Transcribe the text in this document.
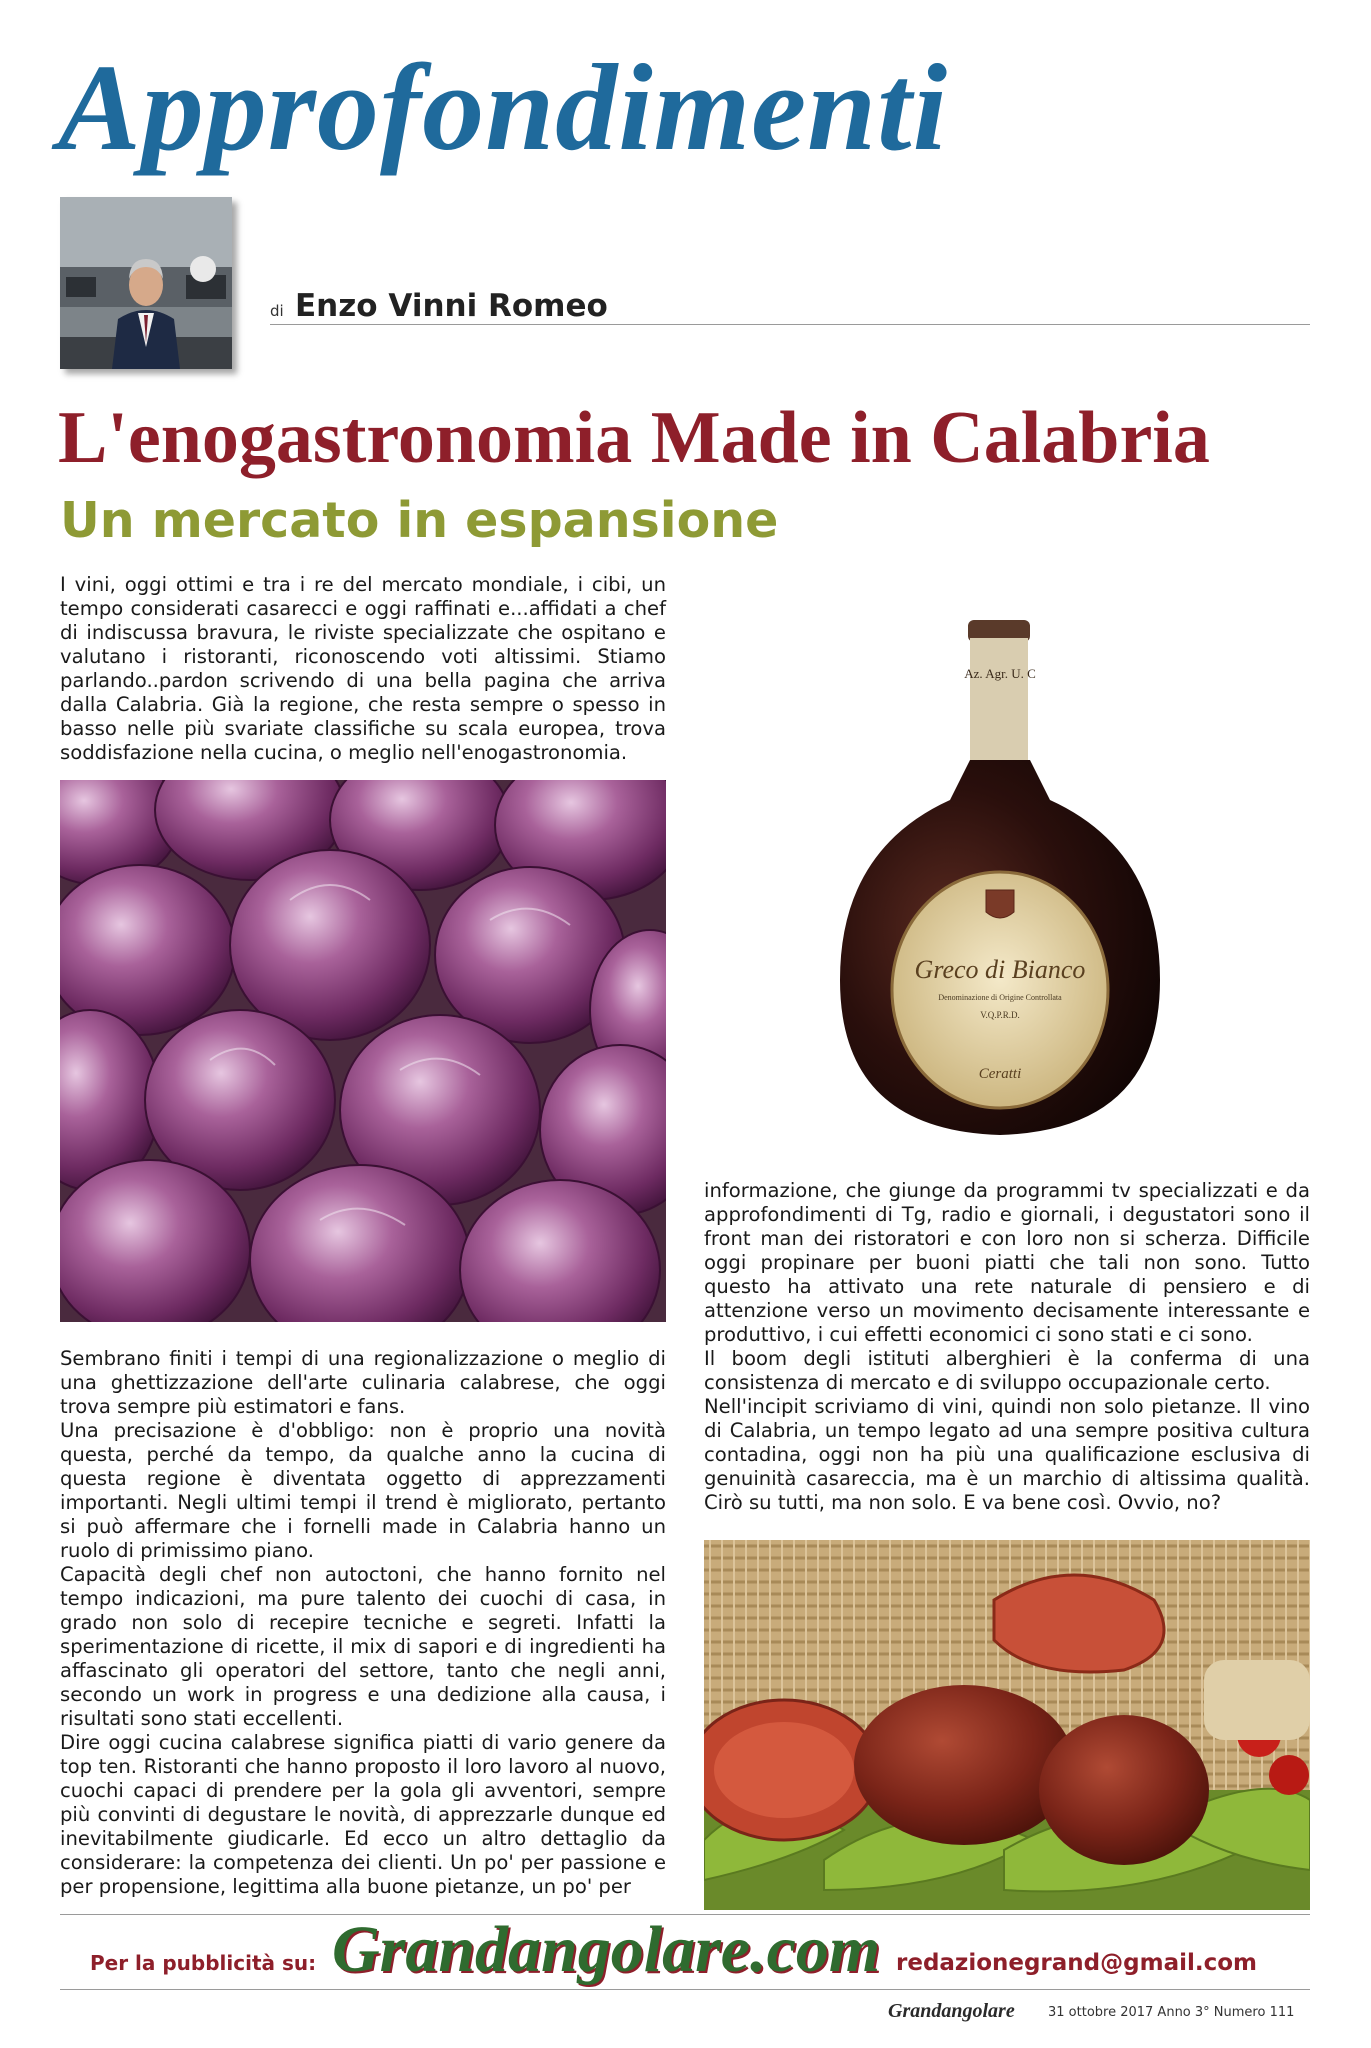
Approfondimenti
di Enzo Vinni Romeo
L'enogastronomia Made in Calabria
Un mercato in espansione

I vini, oggi ottimi e tra i re del mercato mondiale, i cibi, un tempo considerati casarecci e oggi raffinati e...affidati a chef di indiscussa bravura, le riviste specializzate che ospitano e valutano i ristoranti, riconoscendo voti altissimi. Stiamo parlando..pardon scrivendo di una bella pagina che arriva dalla Calabria. Già la regione, che resta sempre o spesso in basso nelle più svariate classifiche su scala europea, trova soddisfazione nella cucina, o meglio nell'enogastronomia.

Az. Agr. U. C
Greco di Bianco
Denominazione di Origine Controllata
V.Q.P.R.D.
Ceratti

Sembrano finiti i tempi di una regionalizzazione o meglio di una ghettizzazione dell'arte culinaria calabrese, che oggi trova sempre più estimatori e fans.

Una precisazione è d'obbligo: non è proprio una novità questa, perché da tempo, da qualche anno la cucina di questa regione è diventata oggetto di apprezzamenti importanti. Negli ultimi tempi il trend è migliorato, pertanto si può affermare che i fornelli made in Calabria hanno un ruolo di primissimo piano.

Capacità degli chef non autoctoni, che hanno fornito nel tempo indicazioni, ma pure talento dei cuochi di casa, in grado non solo di recepire tecniche e segreti. Infatti la sperimentazione di ricette, il mix di sapori e di ingredienti ha affascinato gli operatori del settore, tanto che negli anni, secondo un work in progress e una dedizione alla causa, i risultati sono stati eccellenti.

Dire oggi cucina calabrese significa piatti di vario genere da top ten. Ristoranti che hanno proposto il loro lavoro al nuovo, cuochi capaci di prendere per la gola gli avventori, sempre più convinti di degustare le novità, di apprezzarle dunque ed inevitabilmente giudicarle. Ed ecco un altro dettaglio da considerare: la competenza dei clienti. Un po' per passione e per propensione, legittima alla buone pietanze, un po' per

informazione, che giunge da programmi tv specializzati e da approfondimenti di Tg, radio e giornali, i degustatori sono il front man dei ristoratori e con loro non si scherza. Difficile oggi propinare per buoni piatti che tali non sono. Tutto questo ha attivato una rete naturale di pensiero e di attenzione verso un movimento decisamente interessante e produttivo, i cui effetti economici ci sono stati e ci sono.

Il boom degli istituti alberghieri è la conferma di una consistenza di mercato e di sviluppo occupazionale certo.

Nell'incipit scriviamo di vini, quindi non solo pietanze. Il vino di Calabria, un tempo legato ad una sempre positiva cultura contadina, oggi non ha più una qualificazione esclusiva di genuinità casareccia, ma è un marchio di altissima qualità. Cirò su tutti, ma non solo. E va bene così. Ovvio, no?

Per la pubblicità su: Grandangolare.com redazionegrand@gmail.com
Grandangolare	31 ottobre 2017 Anno 3° Numero 111
